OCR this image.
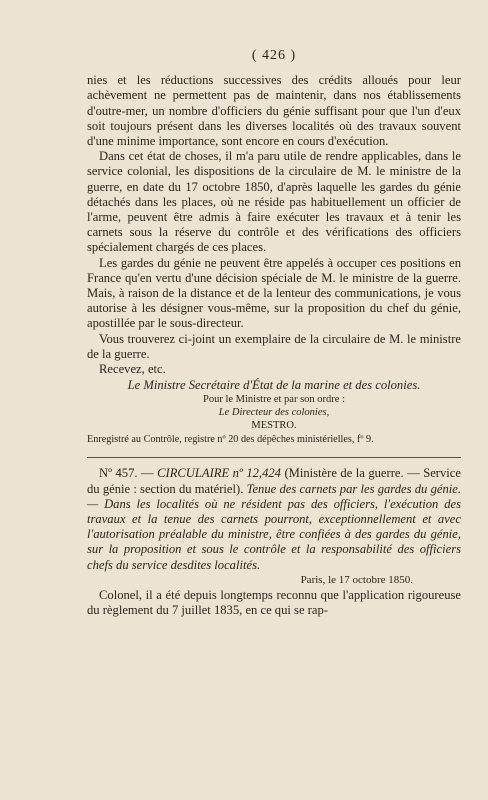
( 426 )

nies et les réductions successives des crédits alloués pour leur achèvement ne permettent pas de maintenir, dans nos établissements d'outre-mer, un nombre d'officiers du génie suffisant pour que l'un d'eux soit toujours présent dans les diverses localités où des travaux souvent d'une minime importance, sont encore en cours d'exécution.

Dans cet état de choses, il m'a paru utile de rendre applicables, dans le service colonial, les dispositions de la circulaire de M. le ministre de la guerre, en date du 17 octobre 1850, d'après laquelle les gardes du génie détachés dans les places, où ne réside pas habituellement un officier de l'arme, peuvent être admis à faire exécuter les travaux et à tenir les carnets sous la réserve du contrôle et des vérifications des officiers spécialement chargés de ces places.

Les gardes du génie ne peuvent être appelés à occuper ces positions en France qu'en vertu d'une décision spéciale de M. le ministre de la guerre. Mais, à raison de la distance et de la lenteur des communications, je vous autorise à les désigner vous-même, sur la proposition du chef du génie, apostillée par le sous-directeur.

Vous trouverez ci-joint un exemplaire de la circulaire de M. le ministre de la guerre.

Recevez, etc.

Le Ministre Secrétaire d'État de la marine et des colonies.
Pour le Ministre et par son ordre :
Le Directeur des colonies,
MESTRO.
Enregistré au Contrôle, registre nº 20 des dépêches ministérielles, fº 9.

Nº 457. — CIRCULAIRE nº 12,424 (Ministère de la guerre. — Service du génie : section du matériel). Tenue des carnets par les gardes du génie. — Dans les localités où ne résident pas des officiers, l'exécution des travaux et la tenue des carnets pourront, exceptionnellement et avec l'autorisation préalable du ministre, être confiées à des gardes du génie, sur la proposition et sous le contrôle et la responsabilité des officiers chefs du service desdites localités.

Paris, le 17 octobre 1850.

Colonel, il a été depuis longtemps reconnu que l'application rigoureuse du règlement du 7 juillet 1835, en ce qui se rap-
